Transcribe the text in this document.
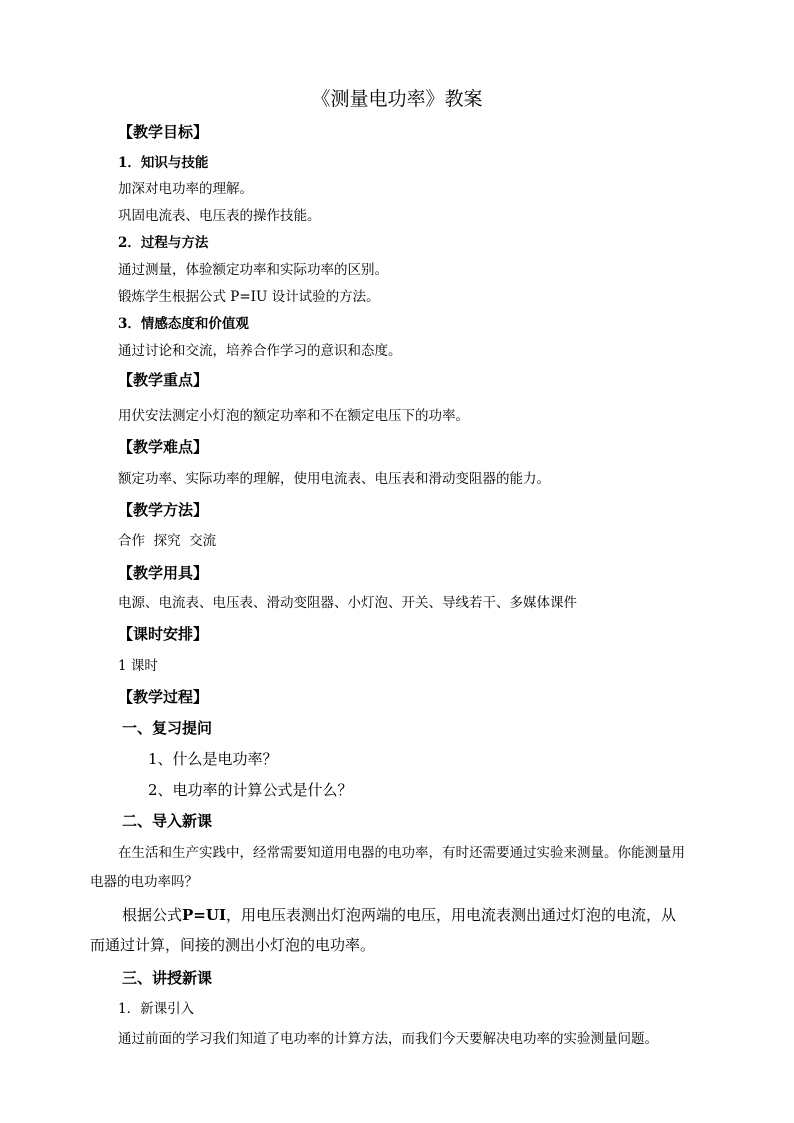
《测量电功率》教案
【教学目标】
1．知识与技能
加深对电功率的理解。
巩固电流表、电压表的操作技能。
2．过程与方法
通过测量，体验额定功率和实际功率的区别。
锻炼学生根据公式 P=IU 设计试验的方法。
3．情感态度和价值观
通过讨论和交流，培养合作学习的意识和态度。
【教学重点】
用伏安法测定小灯泡的额定功率和不在额定电压下的功率。
【教学难点】
额定功率、实际功率的理解，使用电流表、电压表和滑动变阻器的能力。
【教学方法】
合作  探究  交流
【教学用具】
电源、电流表、电压表、滑动变阻器、小灯泡、开关、导线若干、多媒体课件
【课时安排】
1 课时
【教学过程】
一、复习提问
1、什么是电功率？
2、电功率的计算公式是什么？
二、导入新课
在生活和生产实践中，经常需要知道用电器的电功率，有时还需要通过实验来测量。你能测量用
电器的电功率吗？
根据公式P=UI，用电压表测出灯泡两端的电压，用电流表测出通过灯泡的电流，从
而通过计算，间接的测出小灯泡的电功率。
三、讲授新课
1．新课引入
通过前面的学习我们知道了电功率的计算方法，而我们今天要解决电功率的实验测量问题。
